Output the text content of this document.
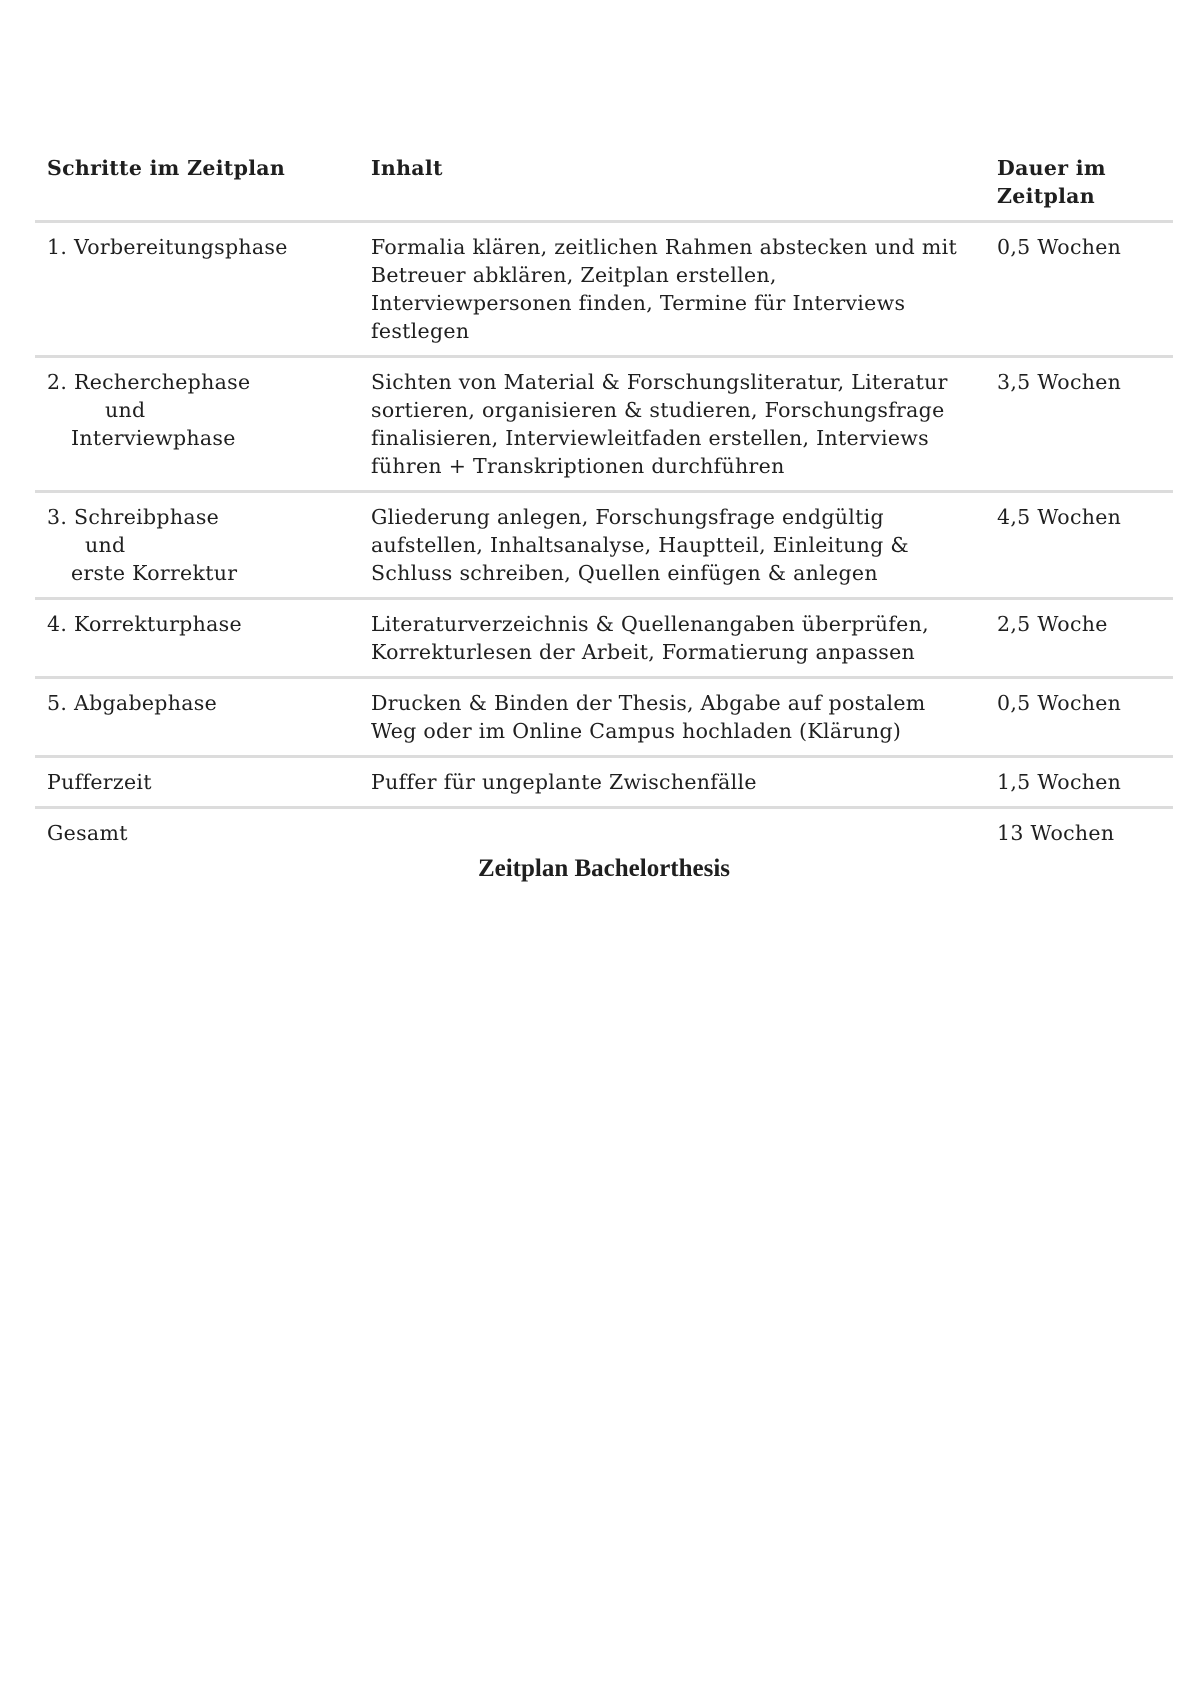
Schritte im Zeitplan	Inhalt	Dauer im Zeitplan

1. Vorbereitungsphase	Formalia klären, zeitlichen Rahmen abstecken und mit Betreuer abklären, Zeitplan erstellen, Interviewpersonen finden, Termine für Interviews festlegen	0,5 Wochen

2. Recherchephase
und
Interviewphase	Sichten von Material & Forschungsliteratur, Literatur sortieren, organisieren & studieren, Forschungsfrage finalisieren, Interviewleitfaden erstellen, Interviews führen + Transkriptionen durchführen	3,5 Wochen

3. Schreibphase
und
erste Korrektur	Gliederung anlegen, Forschungsfrage endgültig aufstellen, Inhaltsanalyse, Hauptteil, Einleitung & Schluss schreiben, Quellen einfügen & anlegen	4,5 Wochen

4. Korrekturphase	Literaturverzeichnis & Quellenangaben überprüfen, Korrekturlesen der Arbeit, Formatierung anpassen	2,5 Woche

5. Abgabephase	Drucken & Binden der Thesis, Abgabe auf postalem Weg oder im Online Campus hochladen (Klärung)	0,5 Wochen

Pufferzeit	Puffer für ungeplante Zwischenfälle	1,5 Wochen

Gesamt		13 Wochen
Zeitplan Bachelorthesis
